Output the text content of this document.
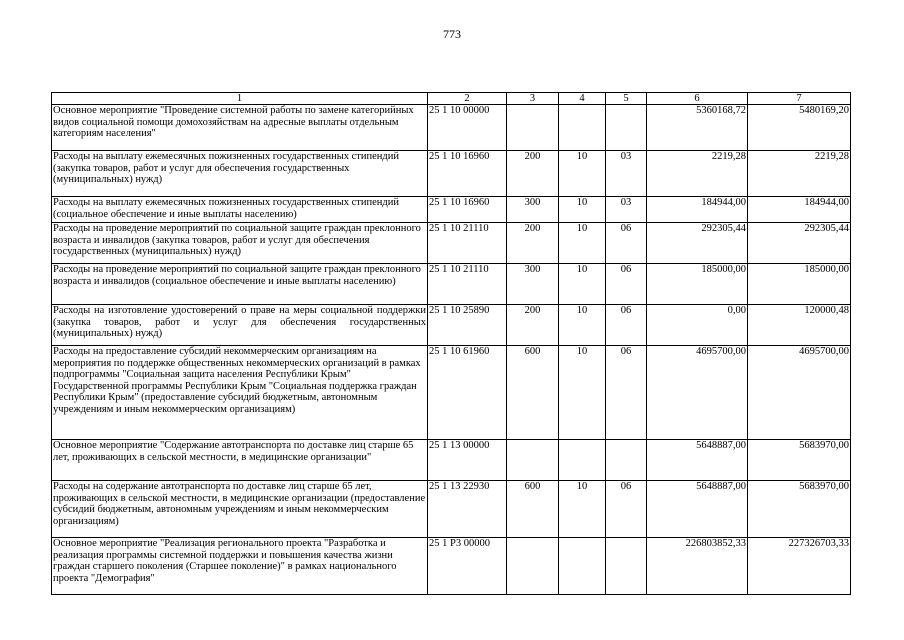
773
1	2	3	4	5	6	7
Основное мероприятие "Проведение системной работы по замене категорийных видов социальной помощи домохозяйствам на адресные выплаты отдельным категориям населения"	25 1 10 00000				5360168,72	5480169,20
Расходы на выплату ежемесячных пожизненных государственных стипендий (закупка товаров, работ и услуг для обеспечения государственных (муниципальных) нужд)	25 1 10 16960	200	10	03	2219,28	2219,28
Расходы на выплату ежемесячных пожизненных государственных стипендий (социальное обеспечение и иные выплаты населению)	25 1 10 16960	300	10	03	184944,00	184944,00
Расходы на проведение мероприятий по социальной защите граждан преклонного возраста и инвалидов (закупка товаров, работ и услуг для обеспечения государственных (муниципальных) нужд)	25 1 10 21110	200	10	06	292305,44	292305,44
Расходы на проведение мероприятий по социальной защите граждан преклонного возраста и инвалидов (социальное обеспечение и иные выплаты населению)	25 1 10 21110	300	10	06	185000,00	185000,00
Расходы на изготовление удостоверений о праве на меры социальной поддержки (закупка товаров, работ и услуг для обеспечения государственных (муниципальных) нужд)	25 1 10 25890	200	10	06	0,00	120000,48
Расходы на предоставление субсидий некоммерческим организациям на мероприятия по поддержке общественных некоммерческих организаций в рамках подпрограммы "Социальная защита населения Республики Крым" Государственной программы Республики Крым "Социальная поддержка граждан Республики Крым" (предоставление субсидий бюджетным, автономным учреждениям и иным некоммерческим организациям)	25 1 10 61960	600	10	06	4695700,00	4695700,00
Основное мероприятие "Содержание автотранспорта по доставке лиц старше 65 лет, проживающих в сельской местности, в медицинские организации"	25 1 13 00000				5648887,00	5683970,00
Расходы на содержание автотранспорта по доставке лиц старше 65 лет, проживающих в сельской местности, в медицинские организации (предоставление субсидий бюджетным, автономным учреждениям и иным некоммерческим организациям)	25 1 13 22930	600	10	06	5648887,00	5683970,00
Основное мероприятие "Реализация регионального проекта "Разработка и реализация программы системной поддержки и повышения качества жизни граждан старшего поколения (Старшее поколение)" в рамках национального проекта "Демография"	25 1 P3 00000				226803852,33	227326703,33
